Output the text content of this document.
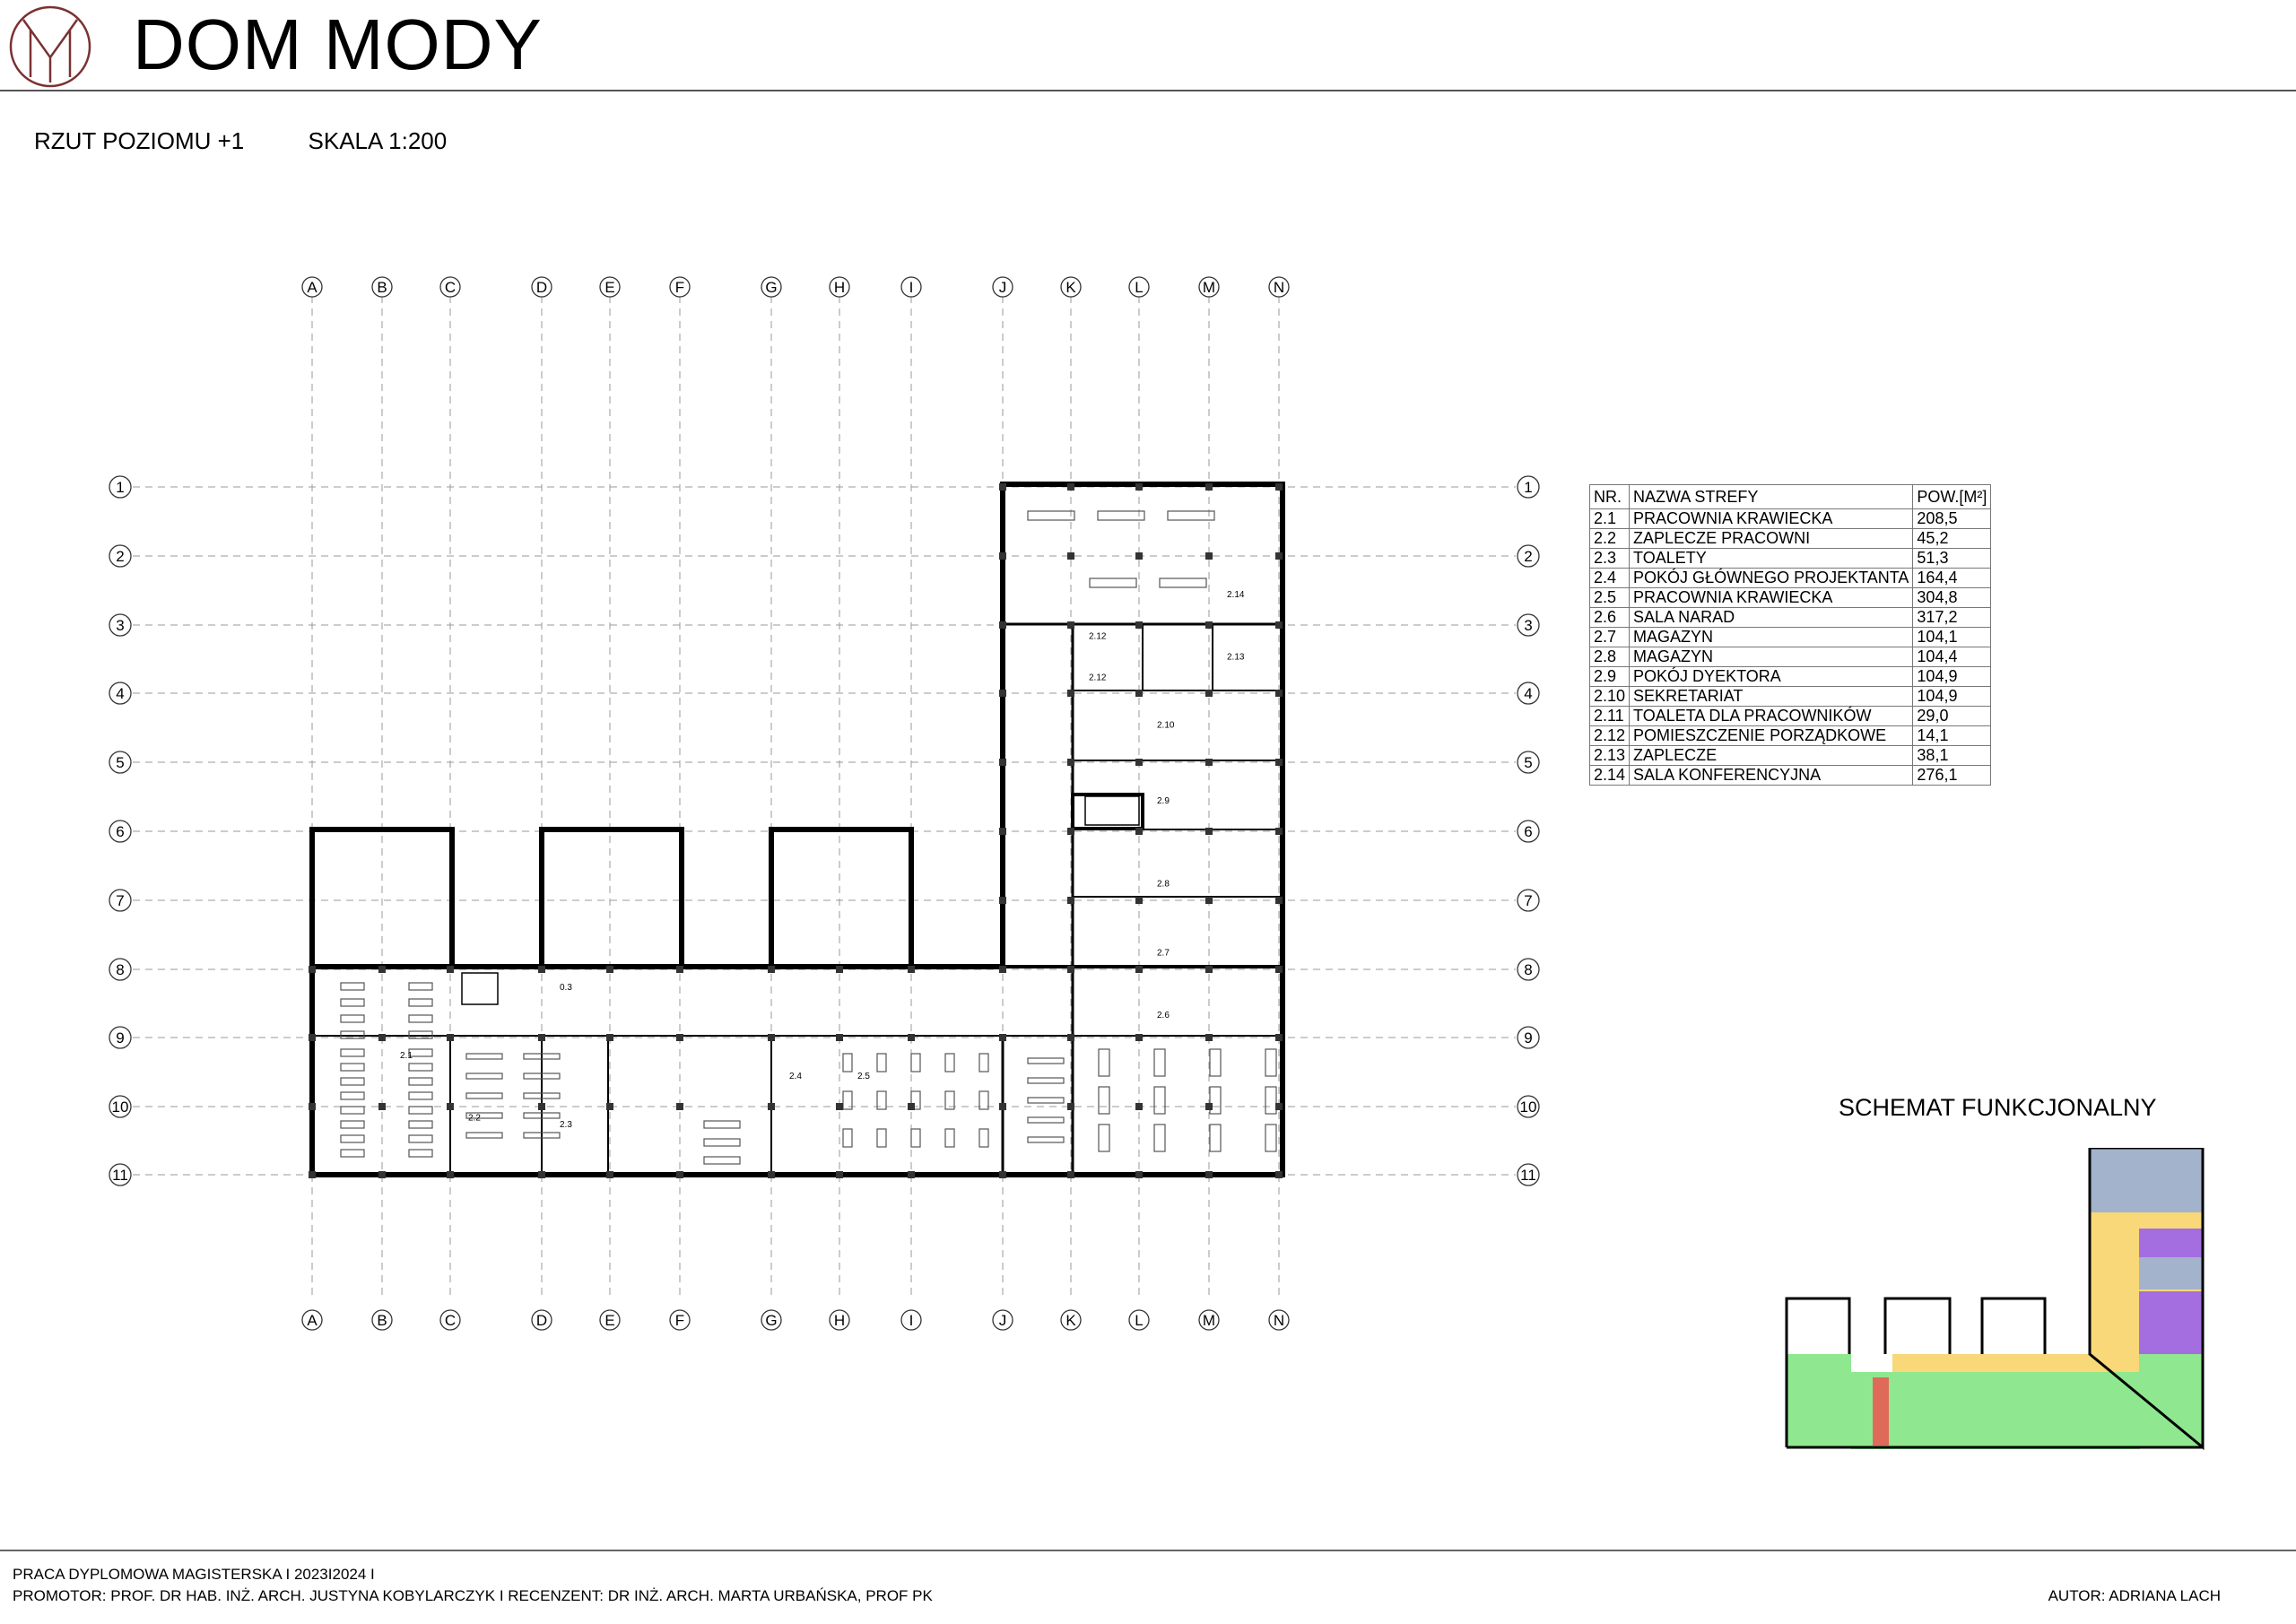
DOM MODY
RZUT POZIOMU +1	SKALA 1:200
A
A
B
B
C
C
D
D
E
E
F
F
G
G
H
H
I
I
J
J
K
K
L
L
M
M
N
N
1	1
2	2
3	3
4	4
5	5
6	6
7	7
8	8
9	9
10	10
11	11
2.1
2.2
2.3
2.4	2.5
2.6
2.7
2.8
2.9
2.10
2.12
2.12
2.13
2.14
0.3
NR.	NAZWA STREFY	POW.[M²]
2.1	PRACOWNIA KRAWIECKA	208,5
2.2	ZAPLECZE PRACOWNI	45,2
2.3	TOALETY	51,3
2.4	POKÓJ GŁÓWNEGO PROJEKTANTA	164,4
2.5	PRACOWNIA KRAWIECKA	304,8
2.6	SALA NARAD	317,2
2.7	MAGAZYN	104,1
2.8	MAGAZYN	104,4
2.9	POKÓJ DYEKTORA	104,9
2.10	SEKRETARIAT	104,9
2.11	TOALETA DLA PRACOWNIKÓW	29,0
2.12	POMIESZCZENIE PORZĄDKOWE	14,1
2.13	ZAPLECZE	38,1
2.14	SALA KONFERENCYJNA	276,1
SCHEMAT FUNKCJONALNY
PRACA DYPLOMOWA MAGISTERSKA I 2023I2024 I
PROMOTOR: PROF. DR HAB. INŻ. ARCH. JUSTYNA KOBYLARCZYK I RECENZENT: DR INŻ. ARCH. MARTA URBAŃSKA, PROF PK	AUTOR: ADRIANA LACH
